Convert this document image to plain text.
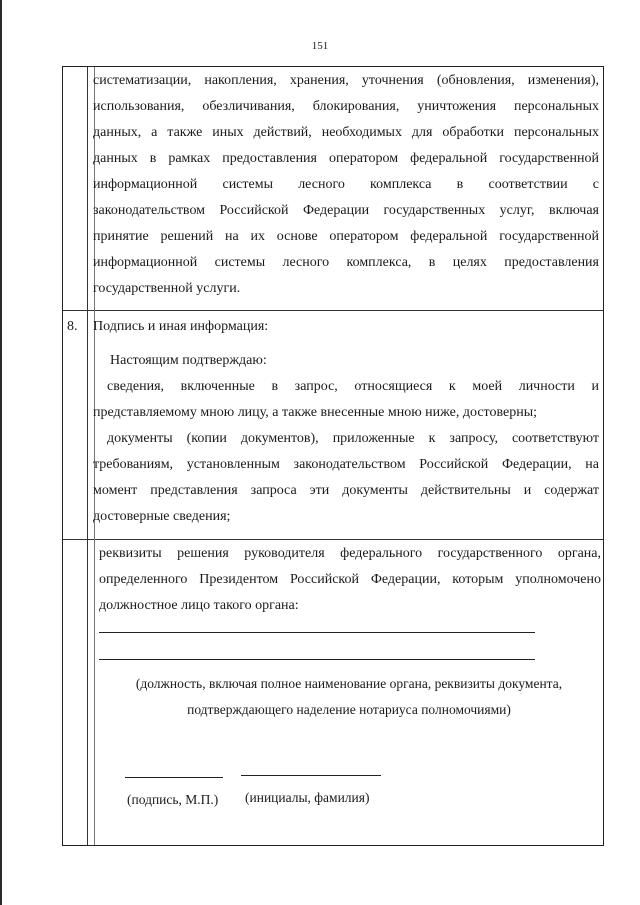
151
систематизации, накопления, хранения, уточнения (обновления, изменения),
использования, обезличивания, блокирования, уничтожения персональных
данных, а также иных действий, необходимых для обработки персональных
данных в рамках предоставления оператором федеральной государственной
информационной системы лесного комплекса в соответствии с
законодательством Российской Федерации государственных услуг, включая
принятие решений на их основе оператором федеральной государственной
информационной системы лесного комплекса, в целях предоставления
государственной услуги.
8. Подпись и иная информация:
Настоящим подтверждаю:
сведения, включенные в запрос, относящиеся к моей личности и
представляемому мною лицу, а также внесенные мною ниже, достоверны;
документы (копии документов), приложенные к запросу, соответствуют
требованиям, установленным законодательством Российской Федерации, на
момент представления запроса эти документы действительны и содержат
достоверные сведения;
реквизиты решения руководителя федерального государственного органа,
определенного Президентом Российской Федерации, которым уполномочено
должностное лицо такого органа:
(должность, включая полное наименование органа, реквизиты документа,
подтверждающего наделение нотариуса полномочиями)
(подпись, М.П.) (инициалы, фамилия)
